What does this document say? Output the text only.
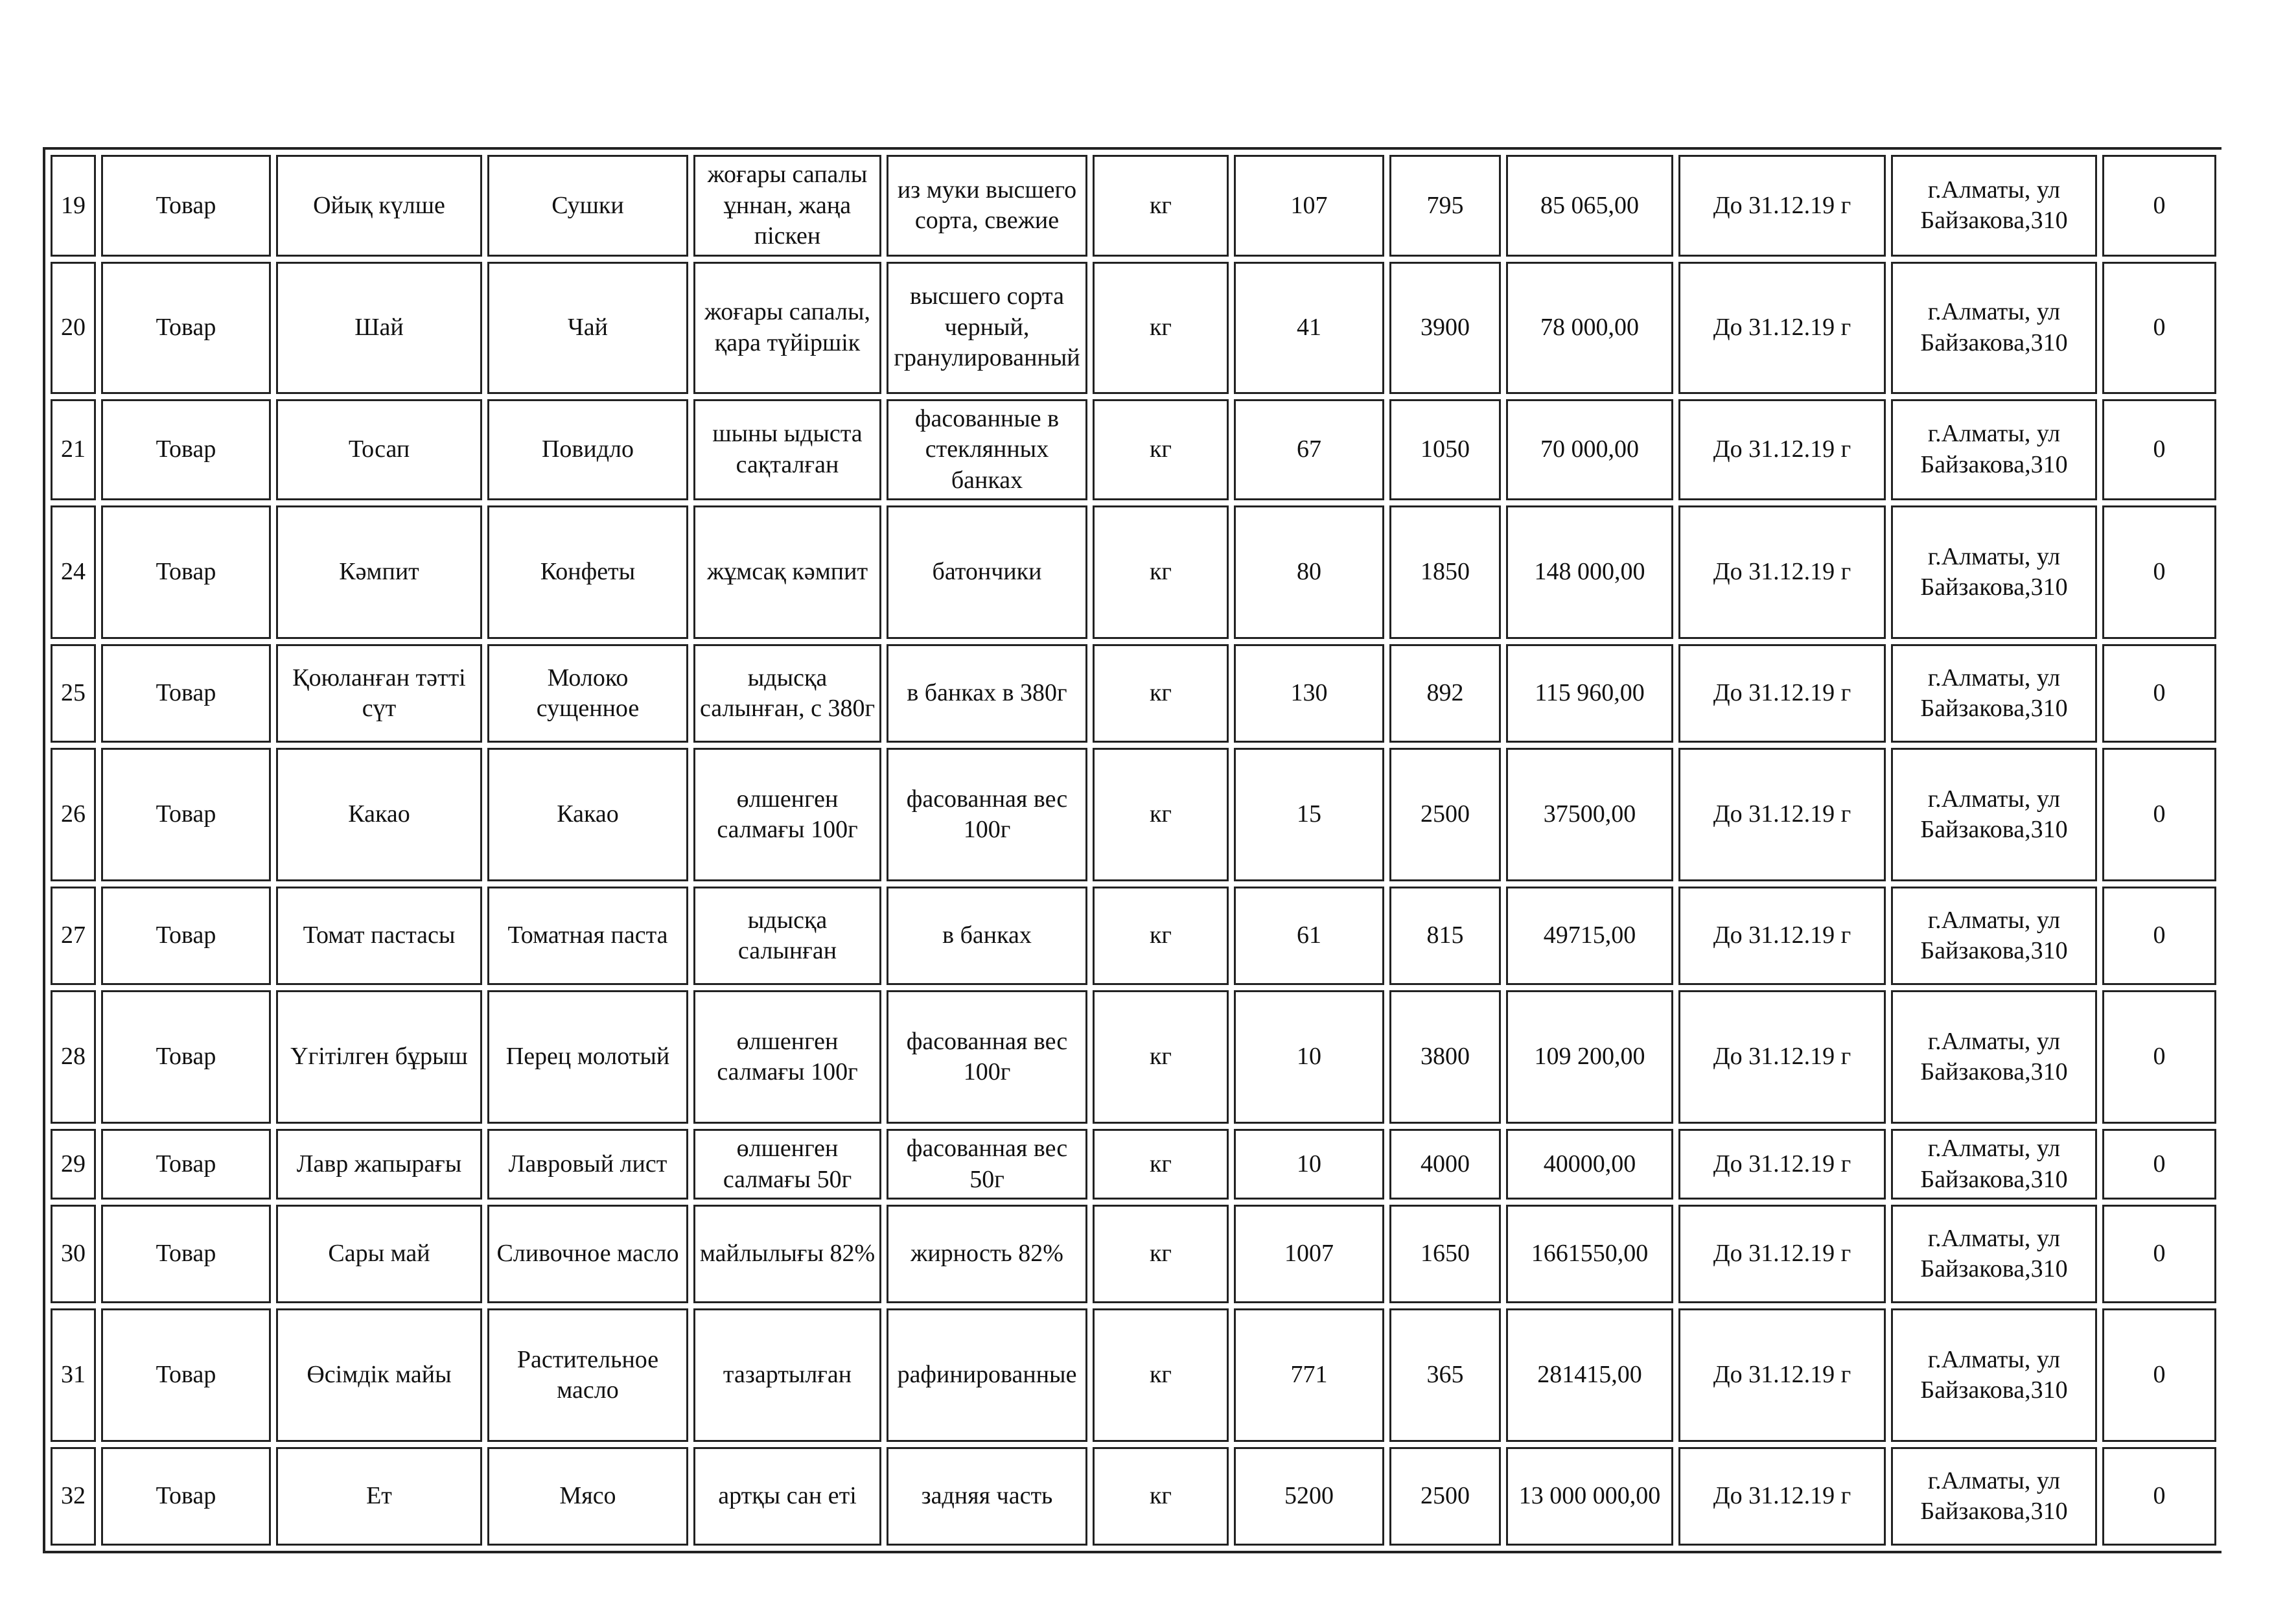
19	Товар	Ойық күлше	Сушки	жоғары сапалы ұннан, жаңа піскен	из муки высшего сорта, свежие	кг	107	795	85 065,00	До 31.12.19 г	г.Алматы, ул Байзакова,310	0
20	Товар	Шай	Чай	жоғары сапалы, қара түйіршік	высшего сорта черный, гранулированный	кг	41	3900	78 000,00	До 31.12.19 г	г.Алматы, ул Байзакова,310	0
21	Товар	Тосап	Повидло	шыны ыдыста сақталған	фасованные в стеклянных банках	кг	67	1050	70 000,00	До 31.12.19 г	г.Алматы, ул Байзакова,310	0
24	Товар	Кәмпит	Конфеты	жұмсақ кәмпит	батончики	кг	80	1850	148 000,00	До 31.12.19 г	г.Алматы, ул Байзакова,310	0
25	Товар	Қоюланған тәтті сүт	Молоко сущенное	ыдысқа салынған, с 380г	в банках в 380г	кг	130	892	115 960,00	До 31.12.19 г	г.Алматы, ул Байзакова,310	0
26	Товар	Какао	Какао	өлшенген салмағы 100г	фасованная вес 100г	кг	15	2500	37500,00	До 31.12.19 г	г.Алматы, ул Байзакова,310	0
27	Товар	Томат пастасы	Томатная паста	ыдысқа салынған	в банках	кг	61	815	49715,00	До 31.12.19 г	г.Алматы, ул Байзакова,310	0
28	Товар	Үгітілген бұрыш	Перец молотый	өлшенген салмағы 100г	фасованная вес 100г	кг	10	3800	109 200,00	До 31.12.19 г	г.Алматы, ул Байзакова,310	0
29	Товар	Лавр жапырағы	Лавровый лист	өлшенген салмағы 50г	фасованная вес 50г	кг	10	4000	40000,00	До 31.12.19 г	г.Алматы, ул Байзакова,310	0
30	Товар	Сары май	Сливочное масло	майлылығы 82%	жирность 82%	кг	1007	1650	1661550,00	До 31.12.19 г	г.Алматы, ул Байзакова,310	0
31	Товар	Өсімдік майы	Растительное масло	тазартылған	рафинированные	кг	771	365	281415,00	До 31.12.19 г	г.Алматы, ул Байзакова,310	0
32	Товар	Ет	Мясо	артқы сан еті	задняя часть	кг	5200	2500	13 000 000,00	До 31.12.19 г	г.Алматы, ул Байзакова,310	0
